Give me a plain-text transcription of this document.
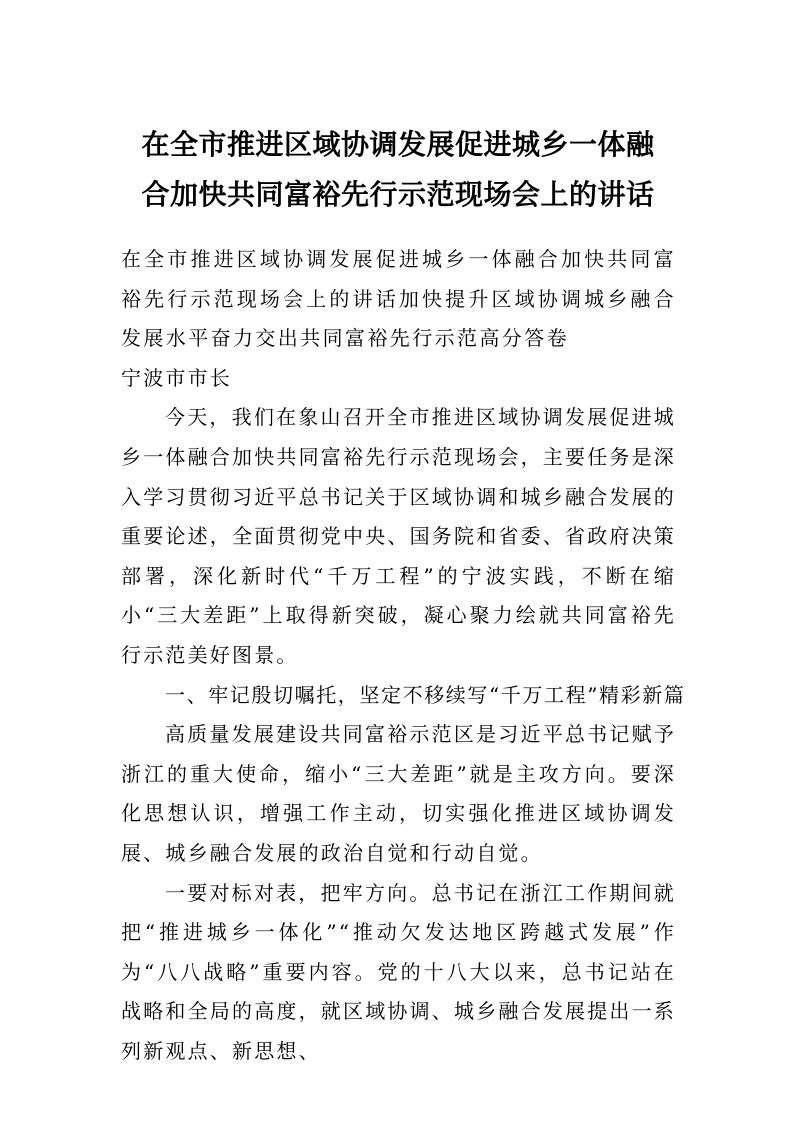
在全市推进区域协调发展促进城乡一体融
合加快共同富裕先行示范现场会上的讲话

在全市推进区域协调发展促进城乡一体融合加快共同富裕先行示范现场会上的讲话加快提升区域协调城乡融合发展水平奋力交出共同富裕先行示范高分答卷

宁波市市长

今天，我们在象山召开全市推进区域协调发展促进城乡一体融合加快共同富裕先行示范现场会，主要任务是深入学习贯彻习近平总书记关于区域协调和城乡融合发展的重要论述，全面贯彻党中央、国务院和省委、省政府决策部署，深化新时代“千万工程”的宁波实践，不断在缩小“三大差距”上取得新突破，凝心聚力绘就共同富裕先行示范美好图景。

一、牢记殷切嘱托，坚定不移续写“千万工程”精彩新篇

高质量发展建设共同富裕示范区是习近平总书记赋予浙江的重大使命，缩小“三大差距”就是主攻方向。要深化思想认识，增强工作主动，切实强化推进区域协调发展、城乡融合发展的政治自觉和行动自觉。

一要对标对表，把牢方向。总书记在浙江工作期间就把“推进城乡一体化”“推动欠发达地区跨越式发展”作为“八八战略”重要内容。党的十八大以来，总书记站在战略和全局的高度，就区域协调、城乡融合发展提出一系列新观点、新思想、
